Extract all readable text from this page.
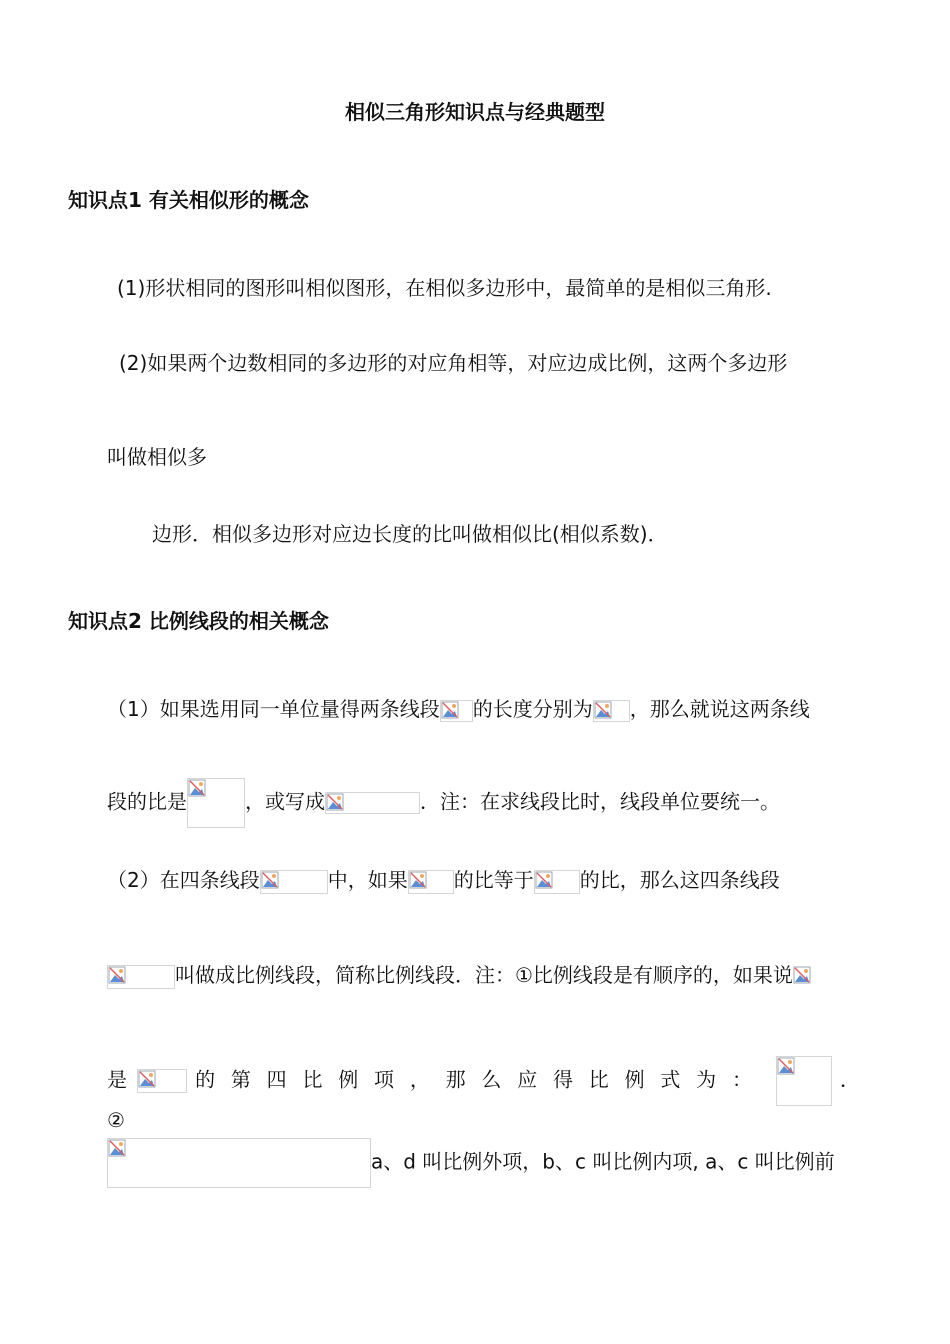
相似三角形知识点与经典题型
知识点1 有关相似形的概念
(1)形状相同的图形叫相似图形，在相似多边形中，最简单的是相似三角形.
(2)如果两个边数相同的多边形的对应角相等，对应边成比例，这两个多边形
叫做相似多
边形．相似多边形对应边长度的比叫做相似比(相似系数)．
知识点2 比例线段的相关概念
（1）如果选用同一单位量得两条线段 的长度分别为 ，那么就说这两条线
段的比是	，或写成	．注：在求线段比时，线段单位要统一。
（2）在四条线段	中，如果 的比等于 的比，那么这四条线段
叫做成比例线段，简称比例线段．注：①比例线段是有顺序的，如果说
是	的第四比例项，那么应得比例式为：	．②
a、d 叫比例外项，b、c 叫比例内项, a、c 叫比例前
